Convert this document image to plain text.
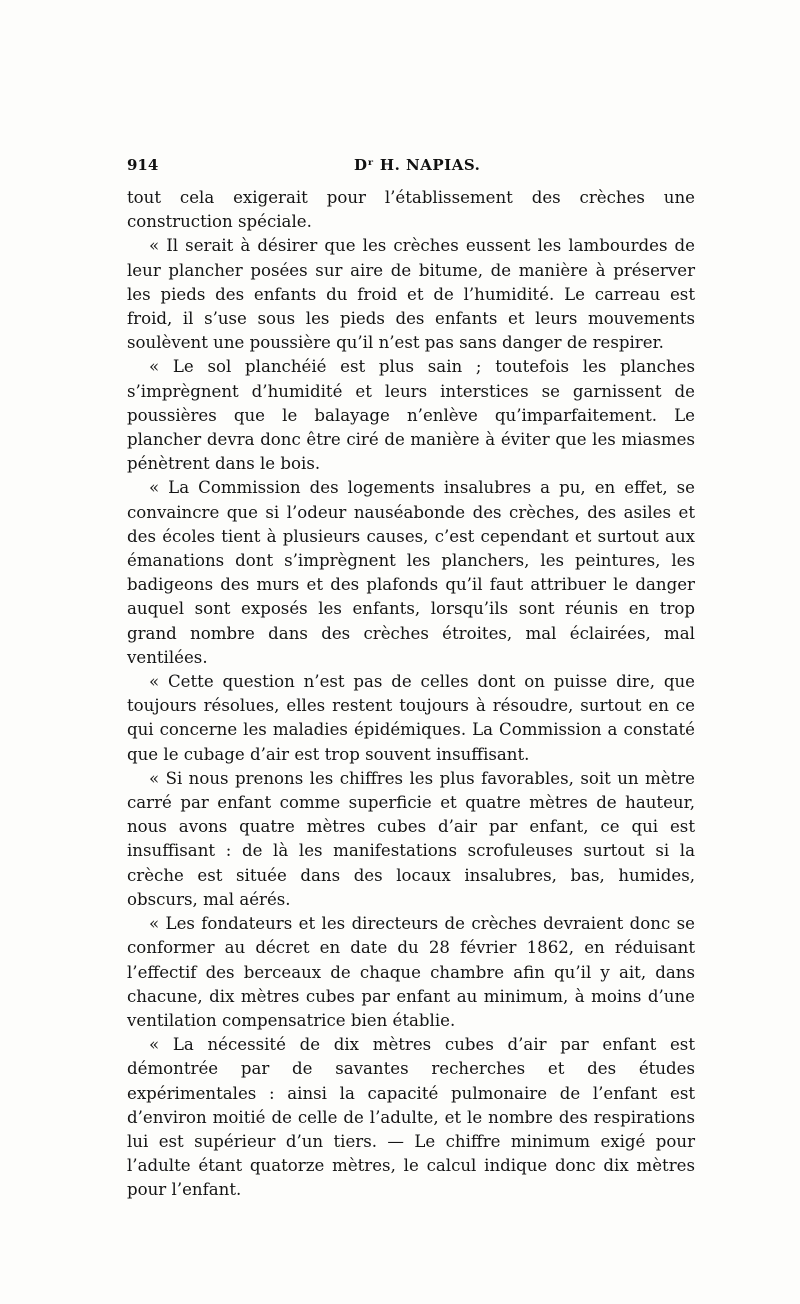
914	Dʳ H. NAPIAS.

tout cela exigerait pour l’établissement des crèches une construction spéciale.

« Il serait à désirer que les crèches eussent les lambourdes de leur plancher posées sur aire de bitume, de manière à préserver les pieds des enfants du froid et de l’humidité. Le carreau est froid, il s’use sous les pieds des enfants et leurs mouvements soulèvent une poussière qu’il n’est pas sans danger de respirer.

« Le sol planchéié est plus sain ; toutefois les planches s’imprègnent d’humidité et leurs interstices se garnissent de poussières que le balayage n’enlève qu’imparfaitement. Le plancher devra donc être ciré de manière à éviter que les miasmes pénètrent dans le bois.

« La Commission des logements insalubres a pu, en effet, se convaincre que si l’odeur nauséabonde des crèches, des asiles et des écoles tient à plusieurs causes, c’est cependant et surtout aux émanations dont s’imprègnent les planchers, les peintures, les badigeons des murs et des plafonds qu’il faut attribuer le danger auquel sont exposés les enfants, lorsqu’ils sont réunis en trop grand nombre dans des crèches étroites, mal éclairées, mal ventilées.

« Cette question n’est pas de celles dont on puisse dire, que toujours résolues, elles restent toujours à résoudre, surtout en ce qui concerne les maladies épidémiques. La Commission a constaté que le cubage d’air est trop souvent insuffisant.

« Si nous prenons les chiffres les plus favorables, soit un mètre carré par enfant comme superficie et quatre mètres de hauteur, nous avons quatre mètres cubes d’air par enfant, ce qui est insuffisant : de là les manifestations scrofuleuses surtout si la crèche est située dans des locaux insalubres, bas, humides, obscurs, mal aérés.

« Les fondateurs et les directeurs de crèches devraient donc se conformer au décret en date du 28 février 1862, en réduisant l’effectif des berceaux de chaque chambre afin qu’il y ait, dans chacune, dix mètres cubes par enfant au minimum, à moins d’une ventilation compensatrice bien établie.

« La nécessité de dix mètres cubes d’air par enfant est démontrée par de savantes recherches et des études expérimentales : ainsi la capacité pulmonaire de l’enfant est d’environ moitié de celle de l’adulte, et le nombre des respirations lui est supérieur d’un tiers. — Le chiffre minimum exigé pour l’adulte étant quatorze mètres, le calcul indique donc dix mètres pour l’enfant.
